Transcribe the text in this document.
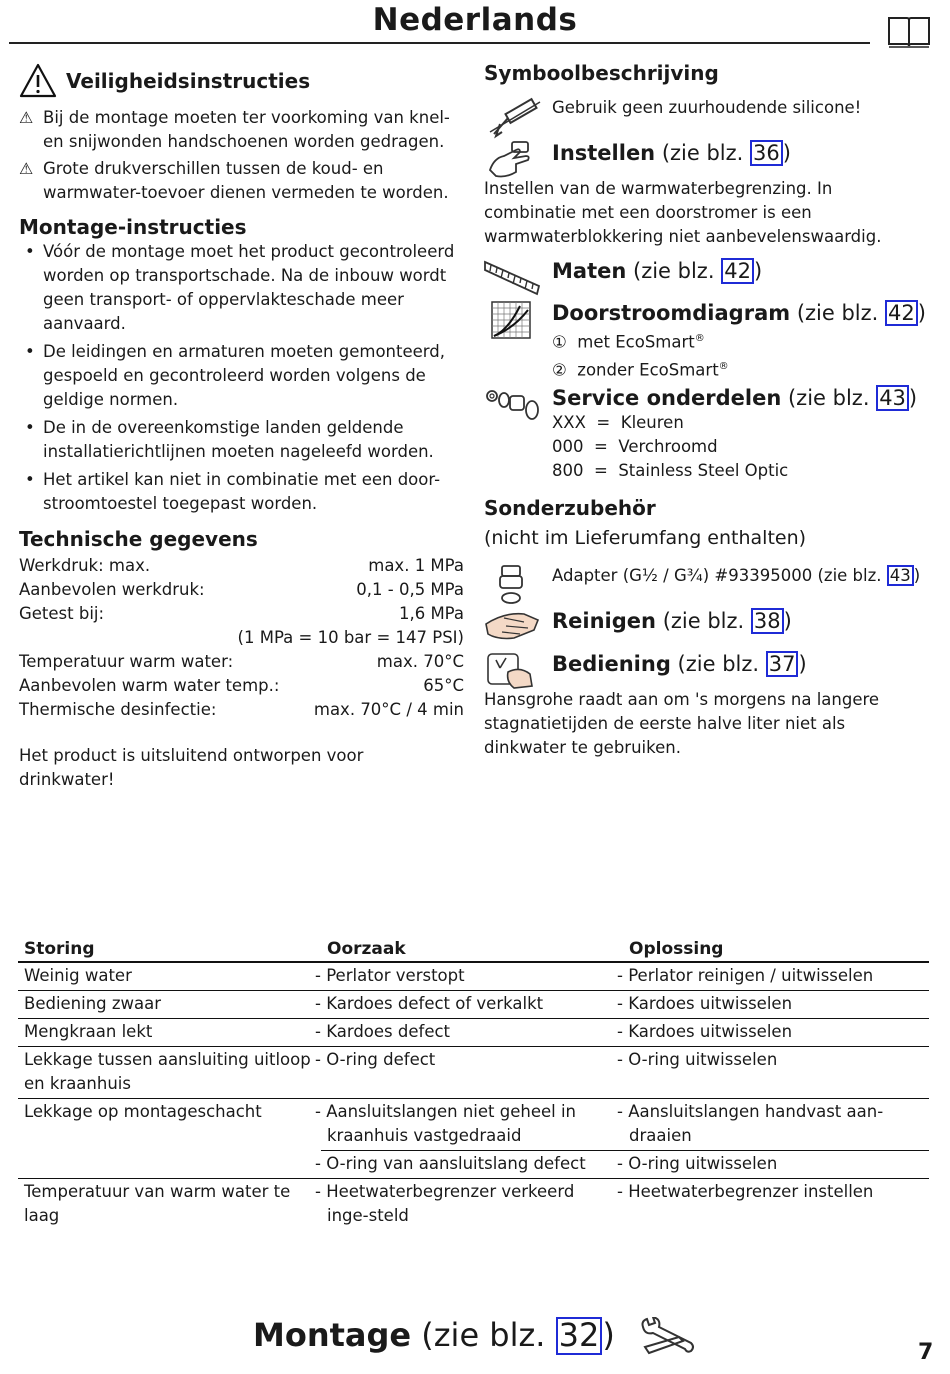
Nederlands
Veiligheidsinstructies
⚠ Bij de montage moeten ter voorkoming van knel- en snijwonden handschoenen worden gedragen.
⚠ Grote drukverschillen tussen de koud- en warmwater-toevoer dienen vermeden te worden.
Montage-instructies
• Vóór de montage moet het product gecontroleerd worden op transportschade. Na de inbouw wordt geen transport- of oppervlakteschade meer aanvaard.
• De leidingen en armaturen moeten gemonteerd, gespoeld en gecontroleerd worden volgens de geldige normen.
• De in de overeenkomstige landen geldende installatierichtlijnen moeten nageleefd worden.
• Het artikel kan niet in combinatie met een door-stroomtoestel toegepast worden.
Technische gegevens
Werkdruk: max.	max. 1 MPa
Aanbevolen werkdruk:	0,1 - 0,5 MPa
Getest bij:	1,6 MPa
(1 MPa = 10 bar = 147 PSI)
Temperatuur warm water:	max. 70°C
Aanbevolen warm water temp.:	65°C
Thermische desinfectie:	max. 70°C / 4 min
Het product is uitsluitend ontworpen voor drinkwater!
Symboolbeschrijving
Gebruik geen zuurhoudende silicone!
Instellen (zie blz. 36 )
Instellen van de warmwaterbegrenzing. In combinatie met een doorstromer is een warmwaterblokkering niet aanbevelenswaardig.
Maten (zie blz. 42 )
Doorstroomdiagram (zie blz. 42 )
① met EcoSmart®
② zonder EcoSmart®
Service onderdelen (zie blz. 43 )
XXX = Kleuren
000 = Verchroomd
800 = Stainless Steel Optic
Sonderzubehör
(nicht im Lieferumfang enthalten)
Adapter (G½ / G¾) #93395000 (zie blz. 43 )
Reinigen (zie blz. 38 )
Bediening (zie blz. 37 )
Hansgrohe raadt aan om 's morgens na langere stagnatietijden de eerste halve liter niet als dinkwater te gebruiken.
Storing	Oorzaak	Oplossing
Weinig water	- Perlator verstopt	- Perlator reinigen / uitwisselen
Bediening zwaar	- Kardoes defect of verkalkt	- Kardoes uitwisselen
Mengkraan lekt	- Kardoes defect	- Kardoes uitwisselen
Lekkage tussen aansluiting uitloop en kraanhuis	- O-ring defect	- O-ring uitwisselen
Lekkage op montageschacht	- Aansluitslangen niet geheel in kraanhuis vastgedraaid	- Aansluitslangen handvast aan-draaien
	- O-ring van aansluitslang defect	- O-ring uitwisselen
Temperatuur van warm water te laag	- Heetwaterbegrenzer verkeerd inge-steld	- Heetwaterbegrenzer instellen
Montage (zie blz. 32)	7
